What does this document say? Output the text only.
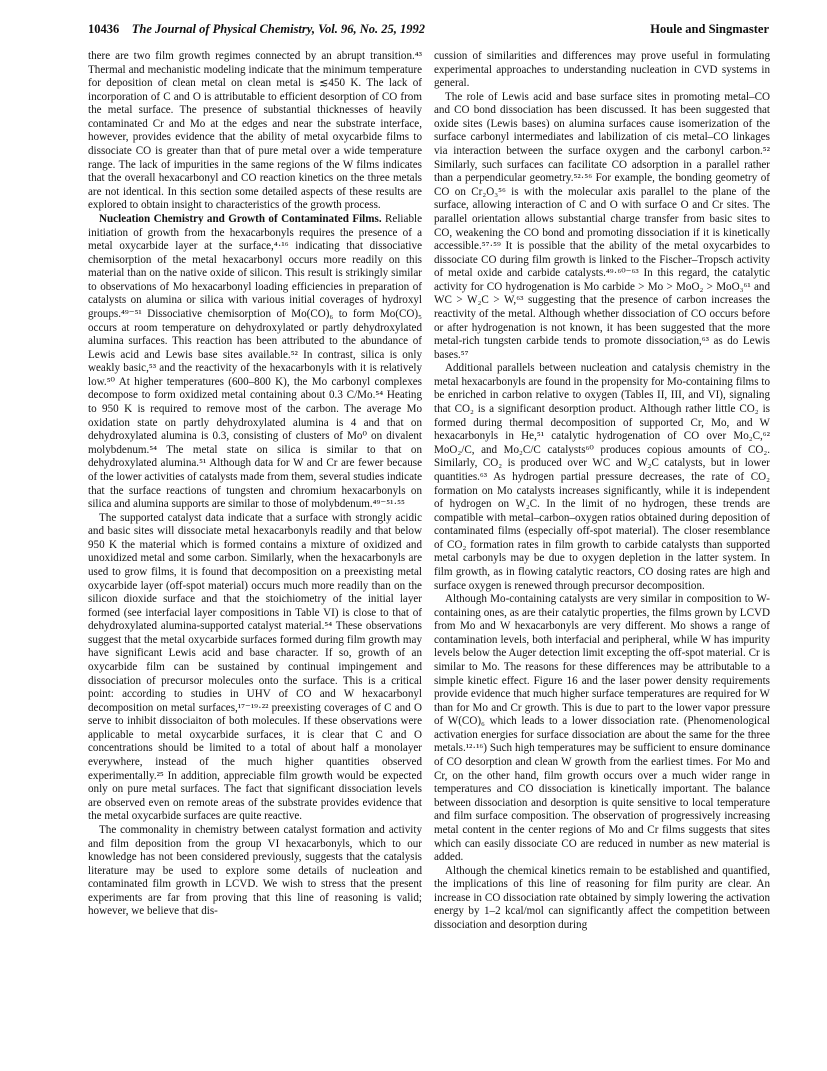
10436 The Journal of Physical Chemistry, Vol. 96, No. 25, 1992	Houle and Singmaster

there are two film growth regimes connected by an abrupt transition.⁴³ Thermal and mechanistic modeling indicate that the minimum temperature for deposition of clean metal on clean metal is ≲450 K. The lack of incorporation of C and O is attributable to efficient desorption of CO from the metal surface. The presence of substantial thicknesses of heavily contaminated Cr and Mo at the edges and near the substrate interface, however, provides evidence that the ability of metal oxycarbide films to dissociate CO is greater than that of pure metal over a wide temperature range. The lack of impurities in the same regions of the W films indicates that the overall hexacarbonyl and CO reaction kinetics on the three metals are not identical. In this section some detailed aspects of these results are explored to obtain insight to characteristics of the growth process.

Nucleation Chemistry and Growth of Contaminated Films. Reliable initiation of growth from the hexacarbonyls requires the presence of a metal oxycarbide layer at the surface,⁴·¹⁶ indicating that dissociative chemisorption of the metal hexacarbonyl occurs more readily on this material than on the native oxide of silicon. This result is strikingly similar to observations of Mo hexacarbonyl loading efficiencies in preparation of catalysts on alumina or silica with various initial coverages of hydroxyl groups.⁴⁹⁻⁵¹ Dissociative chemisorption of Mo(CO)₆ to form Mo(CO)₅ occurs at room temperature on dehydroxylated or partly dehydroxylated alumina surfaces. This reaction has been attributed to the abundance of Lewis acid and Lewis base sites available.⁵² In contrast, silica is only weakly basic,⁵³ and the reactivity of the hexacarbonyls with it is relatively low.⁵⁰ At higher temperatures (600–800 K), the Mo carbonyl complexes decompose to form oxidized metal containing about 0.3 C/Mo.⁵⁴ Heating to 950 K is required to remove most of the carbon. The average Mo oxidation state on partly dehydroxylated alumina is 4 and that on dehydroxylated alumina is 0.3, consisting of clusters of Mo⁰ on divalent molybdenum.⁵⁴ The metal state on silica is similar to that on dehydroxylated alumina.⁵¹ Although data for W and Cr are fewer because of the lower activities of catalysts made from them, several studies indicate that the surface reactions of tungsten and chromium hexacarbonyls on silica and alumina supports are similar to those of molybdenum.⁴⁹⁻⁵¹·⁵⁵

The supported catalyst data indicate that a surface with strongly acidic and basic sites will dissociate metal hexacarbonyls readily and that below 950 K the material which is formed contains a mixture of oxidized and unoxidized metal and some carbon. Similarly, when the hexacarbonyls are used to grow films, it is found that decomposition on a preexisting metal oxycarbide layer (off-spot material) occurs much more readily than on the silicon dioxide surface and that the stoichiometry of the initial layer formed (see interfacial layer compositions in Table VI) is close to that of dehydroxylated alumina-supported catalyst material.⁵⁴ These observations suggest that the metal oxycarbide surfaces formed during film growth may have significant Lewis acid and base character. If so, growth of an oxycarbide film can be sustained by continual impingement and dissociation of precursor molecules onto the surface. This is a critical point: according to studies in UHV of CO and W hexacarbonyl decomposition on metal surfaces,¹⁷⁻¹⁹·²² preexisting coverages of C and O serve to inhibit dissociaiton of both molecules. If these observations were applicable to metal oxycarbide surfaces, it is clear that C and O concentrations should be limited to a total of about half a monolayer everywhere, instead of the much higher quantities observed experimentally.²⁵ In addition, appreciable film growth would be expected only on pure metal surfaces. The fact that significant dissociation levels are observed even on remote areas of the substrate provides evidence that the metal oxycarbide surfaces are quite reactive.

The commonality in chemistry between catalyst formation and activity and film deposition from the group VI hexacarbonyls, which to our knowledge has not been considered previously, suggests that the catalysis literature may be used to explore some details of nucleation and contaminated film growth in LCVD. We wish to stress that the present experiments are far from proving that this line of reasoning is valid; however, we believe that dis-

cussion of similarities and differences may prove useful in formulating experimental approaches to understanding nucleation in CVD systems in general.

The role of Lewis acid and base surface sites in promoting metal–CO and CO bond dissociation has been discussed. It has been suggested that oxide sites (Lewis bases) on alumina surfaces cause isomerization of the surface carbonyl intermediates and labilization of cis metal–CO linkages via interaction between the surface oxygen and the carbonyl carbon.⁵² Similarly, such surfaces can facilitate CO adsorption in a parallel rather than a perpendicular geometry.⁵²·⁵⁶ For example, the bonding geometry of CO on Cr₂O₃⁵⁶ is with the molecular axis parallel to the plane of the surface, allowing interaction of C and O with surface O and Cr sites. The parallel orientation allows substantial charge transfer from basic sites to CO, weakening the CO bond and promoting dissociation if it is kinetically accessible.⁵⁷·⁵⁹ It is possible that the ability of the metal oxycarbides to dissociate CO during film growth is linked to the Fischer–Tropsch activity of metal oxide and carbide catalysts.⁴⁹·⁶⁰⁻⁶³ In this regard, the catalytic activity for CO hydrogenation is Mo carbide > Mo > MoO₂ > MoO₃⁶¹ and WC > W₂C > W,⁶³ suggesting that the presence of carbon increases the reactivity of the metal. Although whether dissociation of CO occurs before or after hydrogenation is not known, it has been suggested that the more metal-rich tungsten carbide tends to promote dissociation,⁶³ as do Lewis bases.⁵⁷

Additional parallels between nucleation and catalysis chemistry in the metal hexacarbonyls are found in the propensity for Mo-containing films to be enriched in carbon relative to oxygen (Tables II, III, and VI), signaling that CO₂ is a significant desorption product. Although rather little CO₂ is formed during thermal decomposition of supported Cr, Mo, and W hexacarbonyls in He,⁵¹ catalytic hydrogenation of CO over Mo₂C,⁶² MoO₂/C, and Mo₂C/C catalysts⁶⁰ produces copious amounts of CO₂. Similarly, CO₂ is produced over WC and W₂C catalysts, but in lower quantities.⁶³ As hydrogen partial pressure decreases, the rate of CO₂ formation on Mo catalysts increases significantly, while it is independent of hydrogen on W₂C. In the limit of no hydrogen, these trends are compatible with metal–carbon–oxygen ratios obtained during deposition of contaminated films (especially off-spot material). The closer resemblance of CO₂ formation rates in film growth to carbide catalysts than supported metal carbonyls may be due to oxygen depletion in the latter system. In film growth, as in flowing catalytic reactors, CO dosing rates are high and surface oxygen is renewed through precursor decomposition.

Although Mo-containing catalysts are very similar in composition to W-containing ones, as are their catalytic properties, the films grown by LCVD from Mo and W hexacarbonyls are very different. Mo shows a range of contamination levels, both interfacial and peripheral, while W has impurity levels below the Auger detection limit excepting the off-spot material. Cr is similar to Mo. The reasons for these differences may be attributable to a simple kinetic effect. Figure 16 and the laser power density requirements provide evidence that much higher surface temperatures are required for W than for Mo and Cr growth. This is due to part to the lower vapor pressure of W(CO)₆ which leads to a lower dissociation rate. (Phenomenological activation energies for surface dissociation are about the same for the three metals.¹²·¹⁶) Such high temperatures may be sufficient to ensure dominance of CO desorption and clean W growth from the earliest times. For Mo and Cr, on the other hand, film growth occurs over a much wider range in temperatures and CO dissociation is kinetically important. The balance between dissociation and desorption is quite sensitive to local temperature and film surface composition. The observation of progressively increasing metal content in the center regions of Mo and Cr films suggests that sites which can easily dissociate CO are reduced in number as new material is added.

Although the chemical kinetics remain to be established and quantified, the implications of this line of reasoning for film purity are clear. An increase in CO dissociation rate obtained by simply lowering the activation energy by 1–2 kcal/mol can significantly affect the competition between dissociation and desorption during
